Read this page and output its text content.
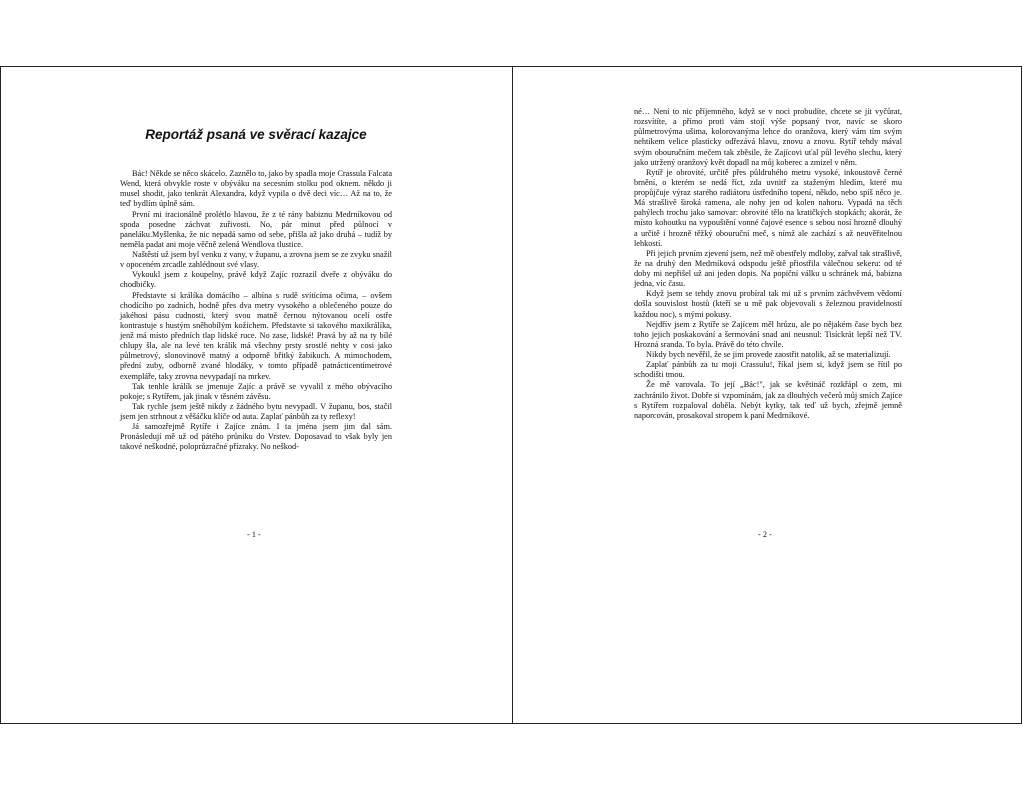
Reportáž psaná ve svěrací kazajce

Bác! Někde se něco skácelo. Zaznělo to, jako by spadla moje Crassula Falcata Wend, která obvykle roste v obýváku na secesním stolku pod oknem. někdo ji musel shodit, jako tenkrát Alexandra, když vypila o dvě deci víc… Až na to, že teď bydlím úplně sám.

První mi iracionálně prolétlo hlavou, že z té rány babiznu Medrníkovou od spoda posedne záchvat zuřivosti. No, pár minut před půlnocí v paneláku.Myšlenka, že nic nepadá samo od sebe, přišla až jako druhá – tudíž by neměla padat ani moje věčně zelená Wendlova tlustice.

Naštěstí už jsem byl venku z vany, v županu, a zrovna jsem se ze zvyku snažil v opoceném zrcadle zahlédnout své vlasy.

Vykoukl jsem z koupelny, právě když Zajíc rozrazil dveře z obýváku do chodbičky.

Představte si králíka domácího – albína s rudě svítícíma očima, – ovšem chodícího po zadních, hodně přes dva metry vysokého a oblečeného pouze do jakéhosi pásu cudnosti, který svou matně černou nýtovanou ocelí ostře kontrastuje s hustým sněhobílým kožichem. Představte si takového maxikrálíka, jenž má místo předních tlap lidské ruce. No zase, lidské! Pravá by až na ty bílé chlupy šla, ale na levé ten králík má všechny prsty srostlé nehty v cosi jako půlmetrový, slonovinově matný a odporně břitký žabikuch. A mimochodem, přední zuby, odborně zvané hlodáky, v tomto případě patnácticentimetrové exempláře, taky zrovna nevypadají na mrkev.

Tak tenhle králík se jmenuje Zajíc a právě se vyvalil z mého obývacího pokoje; s Rytířem, jak jinak v těsném závěsu.

Tak rychle jsem ještě nikdy z žádného bytu nevypadl. V županu, bos, stačil jsem jen strhnout z věšáčku klíče od auta. Zaplať pánbůh za ty reflexy!

Já samozřejmě Rytíře i Zajíce znám. I ta jména jsem jim dal sám. Pronásledují mě už od pátého průniku do Vrstev. Doposavad to však byly jen takové neškodné, poloprůzračné přízraky. No neškod-

- 1 -

né… Není to nic příjemného, když se v noci probudíte, chcete se jít vyčůrat, rozsvítíte, a přímo proti vám stojí výše popsaný tvor, navíc se skoro půlmetrovýma ušima, kolorovanýma lehce do oranžova, který vám tím svým nehtíkem velice plasticky odřezává hlavu, znovu a znovu. Rytíř tehdy mával svým obouručním mečem tak zběsile, že Zajícovi uťal půl levého slechu, který jako utržený oranžový květ dopadl na můj koberec a zmizel v něm.

Rytíř je obrovité, určitě přes půldruhého metru vysoké, inkoustově černé brnění, o kterém se nedá říct, zda uvnitř za staženým hledím, které mu propůjčuje výraz starého radiátoru ústředního topení, někdo, nebo spíš něco je. Má strašlivě široká ramena, ale nohy jen od kolen nahoru. Vypadá na těch pahýlech trochu jako samovar: obrovité tělo na kratičkých stopkách; akorát, že místo kohoutku na vypouštění vonné čajové esence s sebou nosí hrozně dlouhý a určitě i hrozně těžký obouruční meč, s nímž ale zachází s až neuvěřitelnou lehkostí.

Při jejich prvním zjevení jsem, než mě obestřely mdloby, zařval tak strašlivě, že na druhý den Medrníková odspodu ještě přiostřila válečnou sekeru: od té doby mi nepřišel už ani jeden dopis. Na popiční válku u schránek má, babizna jedna, víc času.

Když jsem se tehdy znovu probíral tak mi už s prvním záchvěvem vědomí došla souvislost hostů (kteří se u mě pak objevovali s železnou pravidelností každou noc), s mými pokusy.

Nejdřív jsem z Rytíře se Zajícem měl hrůzu, ale po nějakém čase bych bez toho jejich poskakování a šermování snad ani neusnul: Tisíckrát lepší než TV. Hrozná sranda. To byla. Právě do této chvíle.

Nikdy bych nevěřil, že se jim provede zaostřit natolik, až se materializují.

Zaplať pánbůh za tu moji Crassulu!, říkal jsem si, když jsem se řítil po schodišti tmou.

Že mě varovala. To její „Bác!", jak se květináč rozkřápl o zem, mi zachránilo život. Dobře si vzpomínám, jak za dlouhých večerů můj smích Zajíce s Rytířem rozpaloval doběla. Nebýt kytky, tak teď už bych, zřejmě jemně naporcován, prosakoval stropem k paní Medrníkové.

- 2 -
